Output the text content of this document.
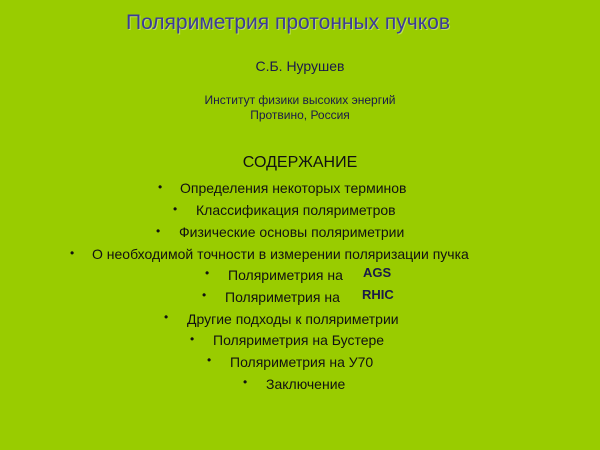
Поляриметрия протонных пучков
С.Б. Нурушев
Институт физики высоких энергий
Протвино, Россия
СОДЕРЖАНИЕ
• Определения некоторых терминов
• Классификация поляриметров
• Физические основы поляриметрии
• О необходимой точности в измерении поляризации пучка
• Поляриметрия на AGS
• Поляриметрия на RHIC
• Другие подходы к поляриметрии
• Поляриметрия на Бустере
• Поляриметрия на У70
• Заключение
